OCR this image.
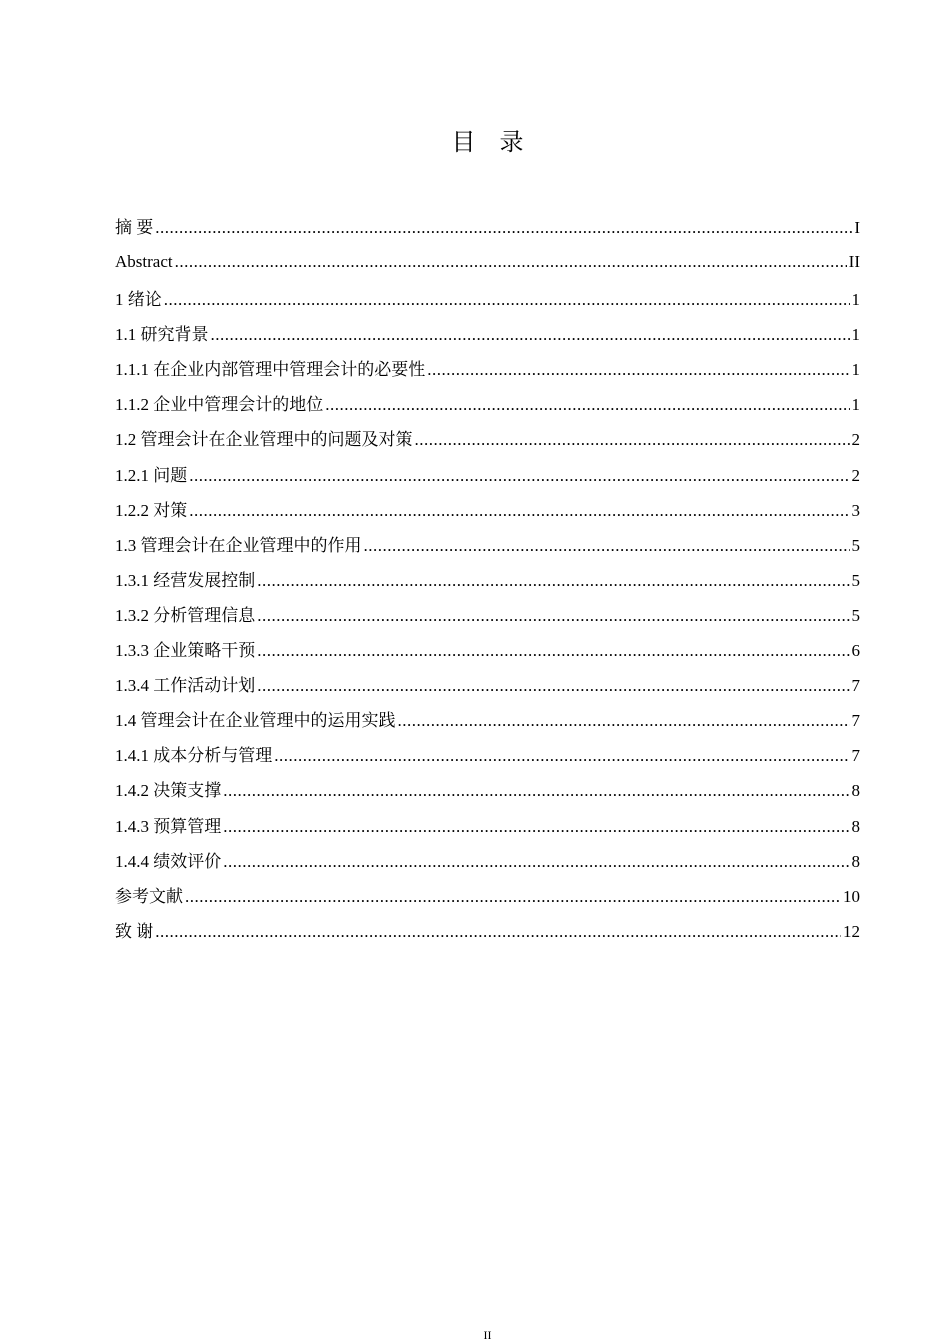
目　录
摘 要 .....	I
Abstract .....	II
1 绪论 .....	1
1.1 研究背景 .....	1
1.1.1 在企业内部管理中管理会计的必要性 .....	1
1.1.2 企业中管理会计的地位 .....	1
1.2 管理会计在企业管理中的问题及对策 .....	2
1.2.1 问题 .....	2
1.2.2 对策 .....	3
1.3 管理会计在企业管理中的作用 .....	5
1.3.1 经营发展控制 .....	5
1.3.2 分析管理信息 .....	5
1.3.3 企业策略干预 .....	6
1.3.4 工作活动计划 .....	7
1.4 管理会计在企业管理中的运用实践 .....	7
1.4.1 成本分析与管理 .....	7
1.4.2 决策支撑 .....	8
1.4.3 预算管理 .....	8
1.4.4 绩效评价 .....	8
参考文献 .....	10
致 谢 .....	12
II
